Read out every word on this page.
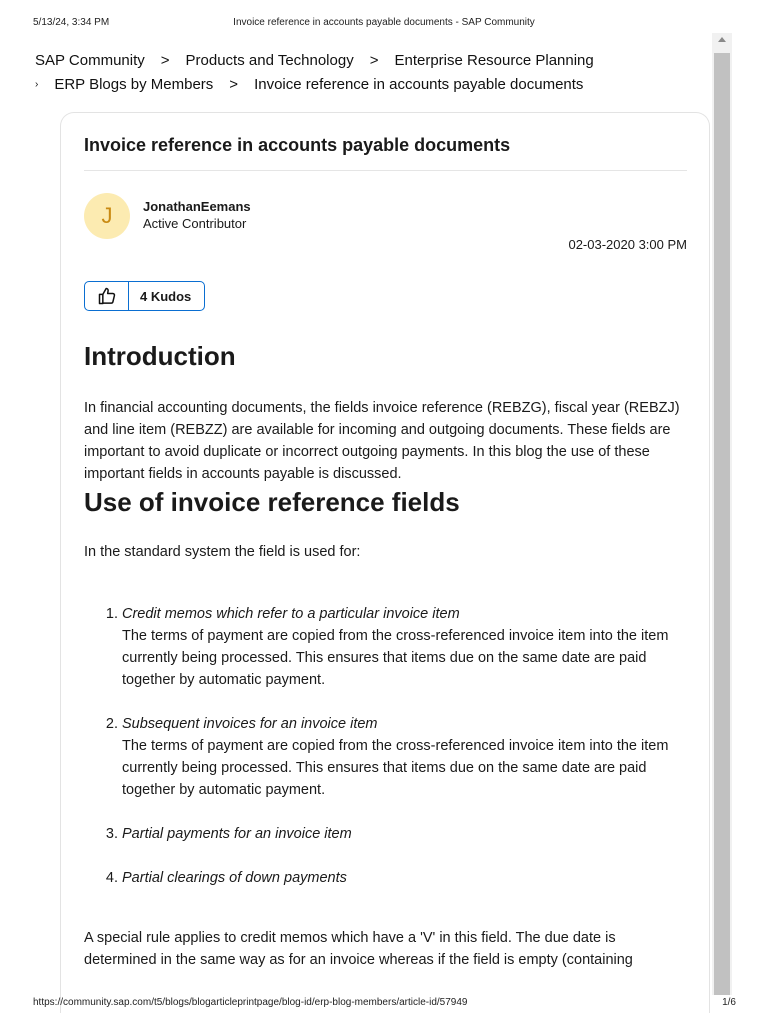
5/13/24, 3:34 PM	Invoice reference in accounts payable documents - SAP Community
SAP Community > Products and Technology > Enterprise Resource Planning
› ERP Blogs by Members > Invoice reference in accounts payable documents
Invoice reference in accounts payable documents
J	JonathanEemans
Active Contributor
02-03-2020 3:00 PM
4 Kudos
Introduction

In financial accounting documents, the fields invoice reference (REBZG), fiscal year (REBZJ) and line item (REBZZ) are available for incoming and outgoing documents. These fields are important to avoid duplicate or incorrect outgoing payments. In this blog the use of these important fields in accounts payable is discussed.

Use of invoice reference fields

In the standard system the field is used for:

1. Credit memos which refer to a particular invoice item
The terms of payment are copied from the cross-referenced invoice item into the item currently being processed. This ensures that items due on the same date are paid together by automatic payment.
2. Subsequent invoices for an invoice item
The terms of payment are copied from the cross-referenced invoice item into the item currently being processed. This ensures that items due on the same date are paid together by automatic payment.
3. Partial payments for an invoice item
4. Partial clearings of down payments

A special rule applies to credit memos which have a 'V' in this field. The due date is determined in the same way as for an invoice whereas if the field is empty (containing

https://community.sap.com/t5/blogs/blogarticleprintpage/blog-id/erp-blog-members/article-id/57949	1/6
